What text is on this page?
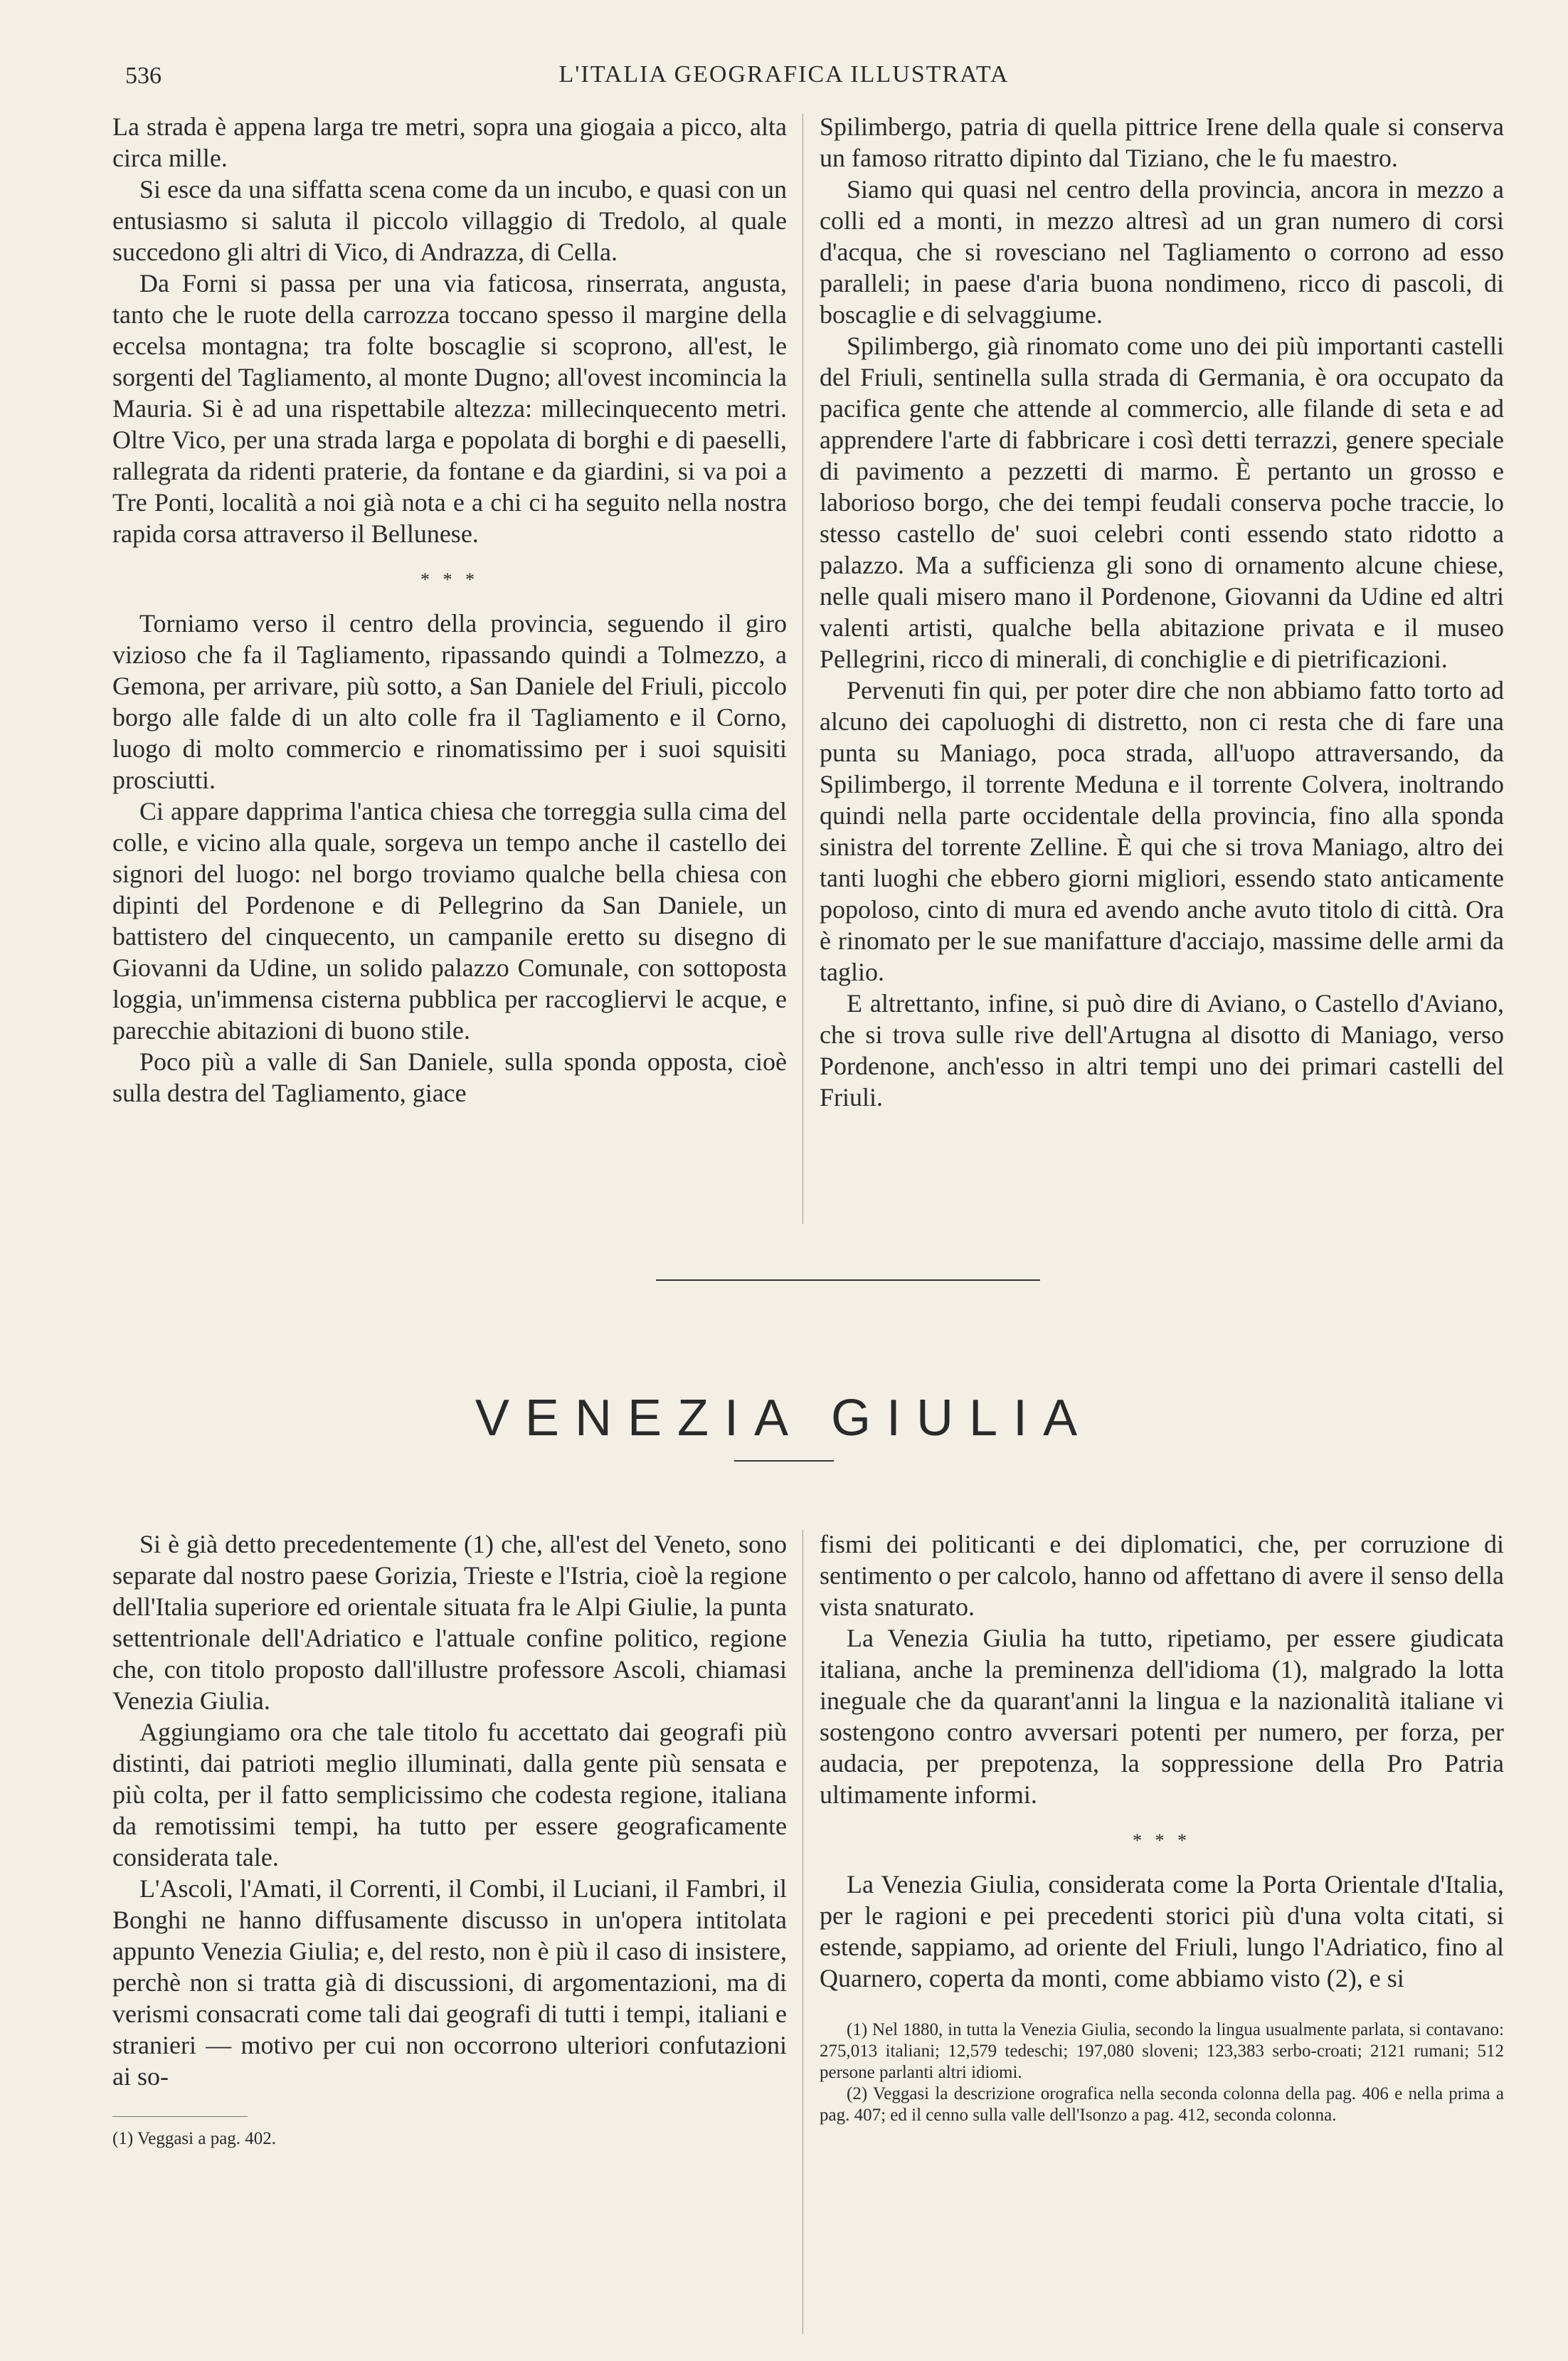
536	L'ITALIA GEOGRAFICA ILLUSTRATA

La strada è appena larga tre metri, sopra una giogaia a picco, alta circa mille.

Si esce da una siffatta scena come da un incubo, e quasi con un entusiasmo si saluta il piccolo villaggio di Tredolo, al quale succedono gli altri di Vico, di Andrazza, di Cella.

Da Forni si passa per una via faticosa, rinserrata, angusta, tanto che le ruote della carrozza toccano spesso il margine della eccelsa montagna; tra folte boscaglie si scoprono, all'est, le sorgenti del Tagliamento, al monte Dugno; all'ovest incomincia la Mauria. Si è ad una rispettabile altezza: millecinquecento metri. Oltre Vico, per una strada larga e popolata di borghi e di paeselli, rallegrata da ridenti praterie, da fontane e da giardini, si va poi a Tre Ponti, località a noi già nota e a chi ci ha seguito nella nostra rapida corsa attraverso il Bellunese.

* * *

Torniamo verso il centro della provincia, seguendo il giro vizioso che fa il Tagliamento, ripassando quindi a Tolmezzo, a Gemona, per arrivare, più sotto, a San Daniele del Friuli, piccolo borgo alle falde di un alto colle fra il Tagliamento e il Corno, luogo di molto commercio e rinomatissimo per i suoi squisiti prosciutti.

Ci appare dapprima l'antica chiesa che torreggia sulla cima del colle, e vicino alla quale, sorgeva un tempo anche il castello dei signori del luogo: nel borgo troviamo qualche bella chiesa con dipinti del Pordenone e di Pellegrino da San Daniele, un battistero del cinquecento, un campanile eretto su disegno di Giovanni da Udine, un solido palazzo Comunale, con sottoposta loggia, un'immensa cisterna pubblica per raccogliervi le acque, e parecchie abitazioni di buono stile.

Poco più a valle di San Daniele, sulla sponda opposta, cioè sulla destra del Tagliamento, giace

Spilimbergo, patria di quella pittrice Irene della quale si conserva un famoso ritratto dipinto dal Tiziano, che le fu maestro.

Siamo qui quasi nel centro della provincia, ancora in mezzo a colli ed a monti, in mezzo altresì ad un gran numero di corsi d'acqua, che si rovesciano nel Tagliamento o corrono ad esso paralleli; in paese d'aria buona nondimeno, ricco di pascoli, di boscaglie e di selvaggiume.

Spilimbergo, già rinomato come uno dei più importanti castelli del Friuli, sentinella sulla strada di Germania, è ora occupato da pacifica gente che attende al commercio, alle filande di seta e ad apprendere l'arte di fabbricare i così detti terrazzi, genere speciale di pavimento a pezzetti di marmo. È pertanto un grosso e laborioso borgo, che dei tempi feudali conserva poche traccie, lo stesso castello de' suoi celebri conti essendo stato ridotto a palazzo. Ma a sufficienza gli sono di ornamento alcune chiese, nelle quali misero mano il Pordenone, Giovanni da Udine ed altri valenti artisti, qualche bella abitazione privata e il museo Pellegrini, ricco di minerali, di conchiglie e di pietrificazioni.

Pervenuti fin qui, per poter dire che non abbiamo fatto torto ad alcuno dei capoluoghi di distretto, non ci resta che di fare una punta su Maniago, poca strada, all'uopo attraversando, da Spilimbergo, il torrente Meduna e il torrente Colvera, inoltrando quindi nella parte occidentale della provincia, fino alla sponda sinistra del torrente Zelline. È qui che si trova Maniago, altro dei tanti luoghi che ebbero giorni migliori, essendo stato anticamente popoloso, cinto di mura ed avendo anche avuto titolo di città. Ora è rinomato per le sue manifatture d'acciajo, massime delle armi da taglio.

E altrettanto, infine, si può dire di Aviano, o Castello d'Aviano, che si trova sulle rive dell'Artugna al disotto di Maniago, verso Pordenone, anch'esso in altri tempi uno dei primari castelli del Friuli.

VENEZIA GIULIA

Si è già detto precedentemente (1) che, all'est del Veneto, sono separate dal nostro paese Gorizia, Trieste e l'Istria, cioè la regione dell'Italia superiore ed orientale situata fra le Alpi Giulie, la punta settentrionale dell'Adriatico e l'attuale confine politico, regione che, con titolo proposto dall'illustre professore Ascoli, chiamasi Venezia Giulia.

Aggiungiamo ora che tale titolo fu accettato dai geografi più distinti, dai patrioti meglio illuminati, dalla gente più sensata e più colta, per il fatto semplicissimo che codesta regione, italiana da remotissimi tempi, ha tutto per essere geograficamente considerata tale.

L'Ascoli, l'Amati, il Correnti, il Combi, il Luciani, il Fambri, il Bonghi ne hanno diffusamente discusso in un'opera intitolata appunto Venezia Giulia; e, del resto, non è più il caso di insistere, perchè non si tratta già di discussioni, di argomentazioni, ma di verismi consacrati come tali dai geografi di tutti i tempi, italiani e stranieri — motivo per cui non occorrono ulteriori confutazioni ai so-

(1) Veggasi a pag. 402.

fismi dei politicanti e dei diplomatici, che, per corruzione di sentimento o per calcolo, hanno od affettano di avere il senso della vista snaturato.

La Venezia Giulia ha tutto, ripetiamo, per essere giudicata italiana, anche la preminenza dell'idioma (1), malgrado la lotta ineguale che da quarant'anni la lingua e la nazionalità italiane vi sostengono contro avversari potenti per numero, per forza, per audacia, per prepotenza, la soppressione della Pro Patria ultimamente informi.

* * *

La Venezia Giulia, considerata come la Porta Orientale d'Italia, per le ragioni e pei precedenti storici più d'una volta citati, si estende, sappiamo, ad oriente del Friuli, lungo l'Adriatico, fino al Quarnero, coperta da monti, come abbiamo visto (2), e si

(1) Nel 1880, in tutta la Venezia Giulia, secondo la lingua usualmente parlata, si contavano: 275,013 italiani; 12,579 tedeschi; 197,080 sloveni; 123,383 serbo-croati; 2121 rumani; 512 persone parlanti altri idiomi.

(2) Veggasi la descrizione orografica nella seconda colonna della pag. 406 e nella prima a pag. 407; ed il cenno sulla valle dell'Isonzo a pag. 412, seconda colonna.
